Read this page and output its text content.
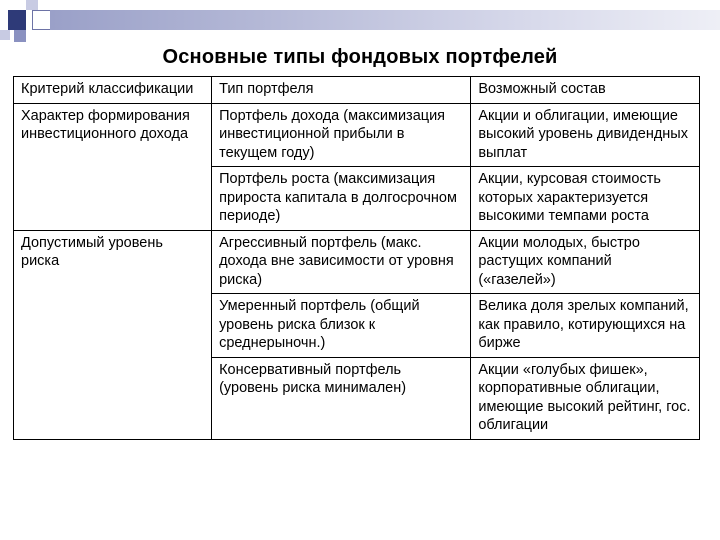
Основные типы фондовых портфелей
Критерий классификации	Тип портфеля	Возможный состав
Характер формирования инвестиционного дохода	Портфель дохода (максимизация инвестиционной прибыли в текущем году)	Акции и облигации, имеющие высокий уровень дивидендных выплат
	Портфель роста (максимизация прироста капитала в долгосрочном периоде)	Акции, курсовая стоимость которых характеризуется высокими темпами роста
Допустимый уровень риска	Агрессивный портфель (макс. дохода вне зависимости от уровня риска)	Акции молодых, быстро растущих компаний («газелей»)
	Умеренный портфель (общий уровень риска близок к среднерыночн.)	Велика доля зрелых компаний, как правило, котирующихся на бирже
	Консервативный портфель (уровень риска минимален)	Акции «голубых фишек», корпоративные облигации, имеющие высокий рейтинг, гос. облигации
